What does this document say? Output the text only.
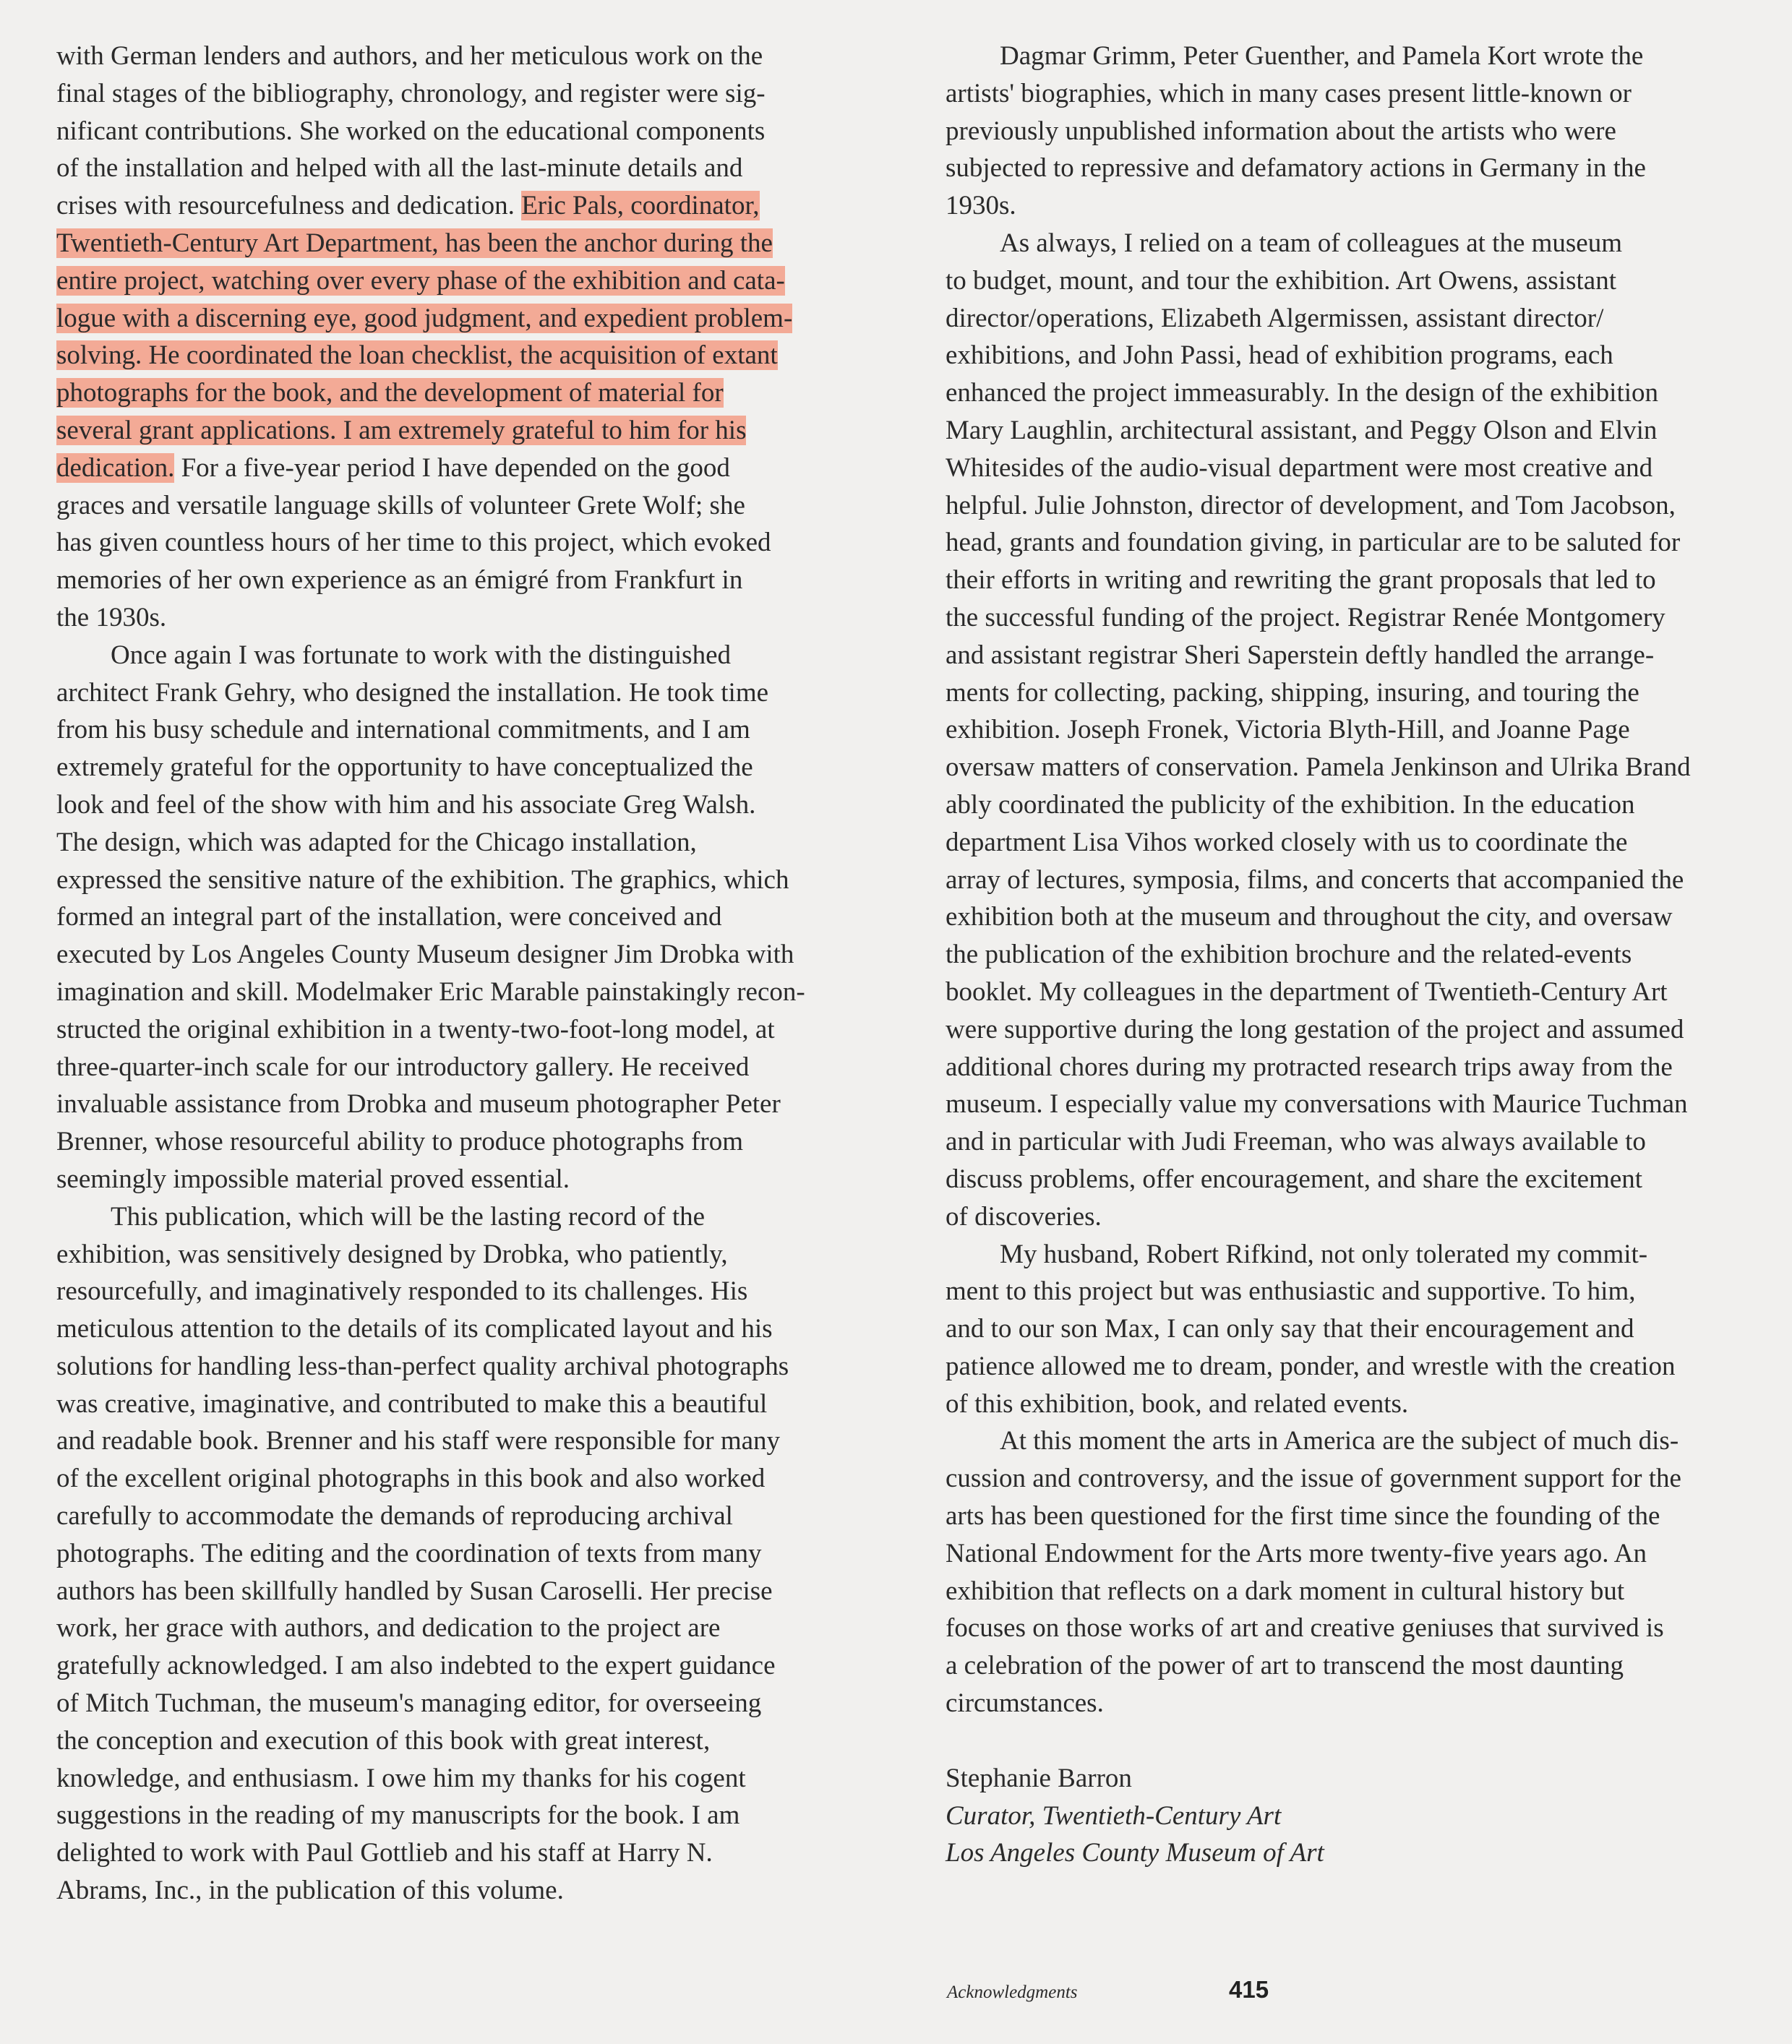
with German lenders and authors, and her meticulous work on the
final stages of the bibliography, chronology, and register were sig-
nificant contributions. She worked on the educational components
of the installation and helped with all the last-minute details and
crises with resourcefulness and dedication. Eric Pals, coordinator,
Twentieth-Century Art Department, has been the anchor during the
entire project, watching over every phase of the exhibition and cata-
logue with a discerning eye, good judgment, and expedient problem-
solving. He coordinated the loan checklist, the acquisition of extant
photographs for the book, and the development of material for
several grant applications. I am extremely grateful to him for his
dedication. For a five-year period I have depended on the good
graces and versatile language skills of volunteer Grete Wolf; she
has given countless hours of her time to this project, which evoked
memories of her own experience as an émigré from Frankfurt in
the 1930s.
Once again I was fortunate to work with the distinguished
architect Frank Gehry, who designed the installation. He took time
from his busy schedule and international commitments, and I am
extremely grateful for the opportunity to have conceptualized the
look and feel of the show with him and his associate Greg Walsh.
The design, which was adapted for the Chicago installation,
expressed the sensitive nature of the exhibition. The graphics, which
formed an integral part of the installation, were conceived and
executed by Los Angeles County Museum designer Jim Drobka with
imagination and skill. Modelmaker Eric Marable painstakingly recon-
structed the original exhibition in a twenty-two-foot-long model, at
three-quarter-inch scale for our introductory gallery. He received
invaluable assistance from Drobka and museum photographer Peter
Brenner, whose resourceful ability to produce photographs from
seemingly impossible material proved essential.
This publication, which will be the lasting record of the
exhibition, was sensitively designed by Drobka, who patiently,
resourcefully, and imaginatively responded to its challenges. His
meticulous attention to the details of its complicated layout and his
solutions for handling less-than-perfect quality archival photographs
was creative, imaginative, and contributed to make this a beautiful
and readable book. Brenner and his staff were responsible for many
of the excellent original photographs in this book and also worked
carefully to accommodate the demands of reproducing archival
photographs. The editing and the coordination of texts from many
authors has been skillfully handled by Susan Caroselli. Her precise
work, her grace with authors, and dedication to the project are
gratefully acknowledged. I am also indebted to the expert guidance
of Mitch Tuchman, the museum's managing editor, for overseeing
the conception and execution of this book with great interest,
knowledge, and enthusiasm. I owe him my thanks for his cogent
suggestions in the reading of my manuscripts for the book. I am
delighted to work with Paul Gottlieb and his staff at Harry N.
Abrams, Inc., in the publication of this volume.
Dagmar Grimm, Peter Guenther, and Pamela Kort wrote the
artists' biographies, which in many cases present little-known or
previously unpublished information about the artists who were
subjected to repressive and defamatory actions in Germany in the
1930s.
As always, I relied on a team of colleagues at the museum
to budget, mount, and tour the exhibition. Art Owens, assistant
director/operations, Elizabeth Algermissen, assistant director/
exhibitions, and John Passi, head of exhibition programs, each
enhanced the project immeasurably. In the design of the exhibition
Mary Laughlin, architectural assistant, and Peggy Olson and Elvin
Whitesides of the audio-visual department were most creative and
helpful. Julie Johnston, director of development, and Tom Jacobson,
head, grants and foundation giving, in particular are to be saluted for
their efforts in writing and rewriting the grant proposals that led to
the successful funding of the project. Registrar Renée Montgomery
and assistant registrar Sheri Saperstein deftly handled the arrange-
ments for collecting, packing, shipping, insuring, and touring the
exhibition. Joseph Fronek, Victoria Blyth-Hill, and Joanne Page
oversaw matters of conservation. Pamela Jenkinson and Ulrika Brand
ably coordinated the publicity of the exhibition. In the education
department Lisa Vihos worked closely with us to coordinate the
array of lectures, symposia, films, and concerts that accompanied the
exhibition both at the museum and throughout the city, and oversaw
the publication of the exhibition brochure and the related-events
booklet. My colleagues in the department of Twentieth-Century Art
were supportive during the long gestation of the project and assumed
additional chores during my protracted research trips away from the
museum. I especially value my conversations with Maurice Tuchman
and in particular with Judi Freeman, who was always available to
discuss problems, offer encouragement, and share the excitement
of discoveries.
My husband, Robert Rifkind, not only tolerated my commit-
ment to this project but was enthusiastic and supportive. To him,
and to our son Max, I can only say that their encouragement and
patience allowed me to dream, ponder, and wrestle with the creation
of this exhibition, book, and related events.
At this moment the arts in America are the subject of much dis-
cussion and controversy, and the issue of government support for the
arts has been questioned for the first time since the founding of the
National Endowment for the Arts more twenty-five years ago. An
exhibition that reflects on a dark moment in cultural history but
focuses on those works of art and creative geniuses that survived is
a celebration of the power of art to transcend the most daunting
circumstances.
Stephanie Barron
Curator, Twentieth-Century Art
Los Angeles County Museum of Art
Acknowledgments	415
